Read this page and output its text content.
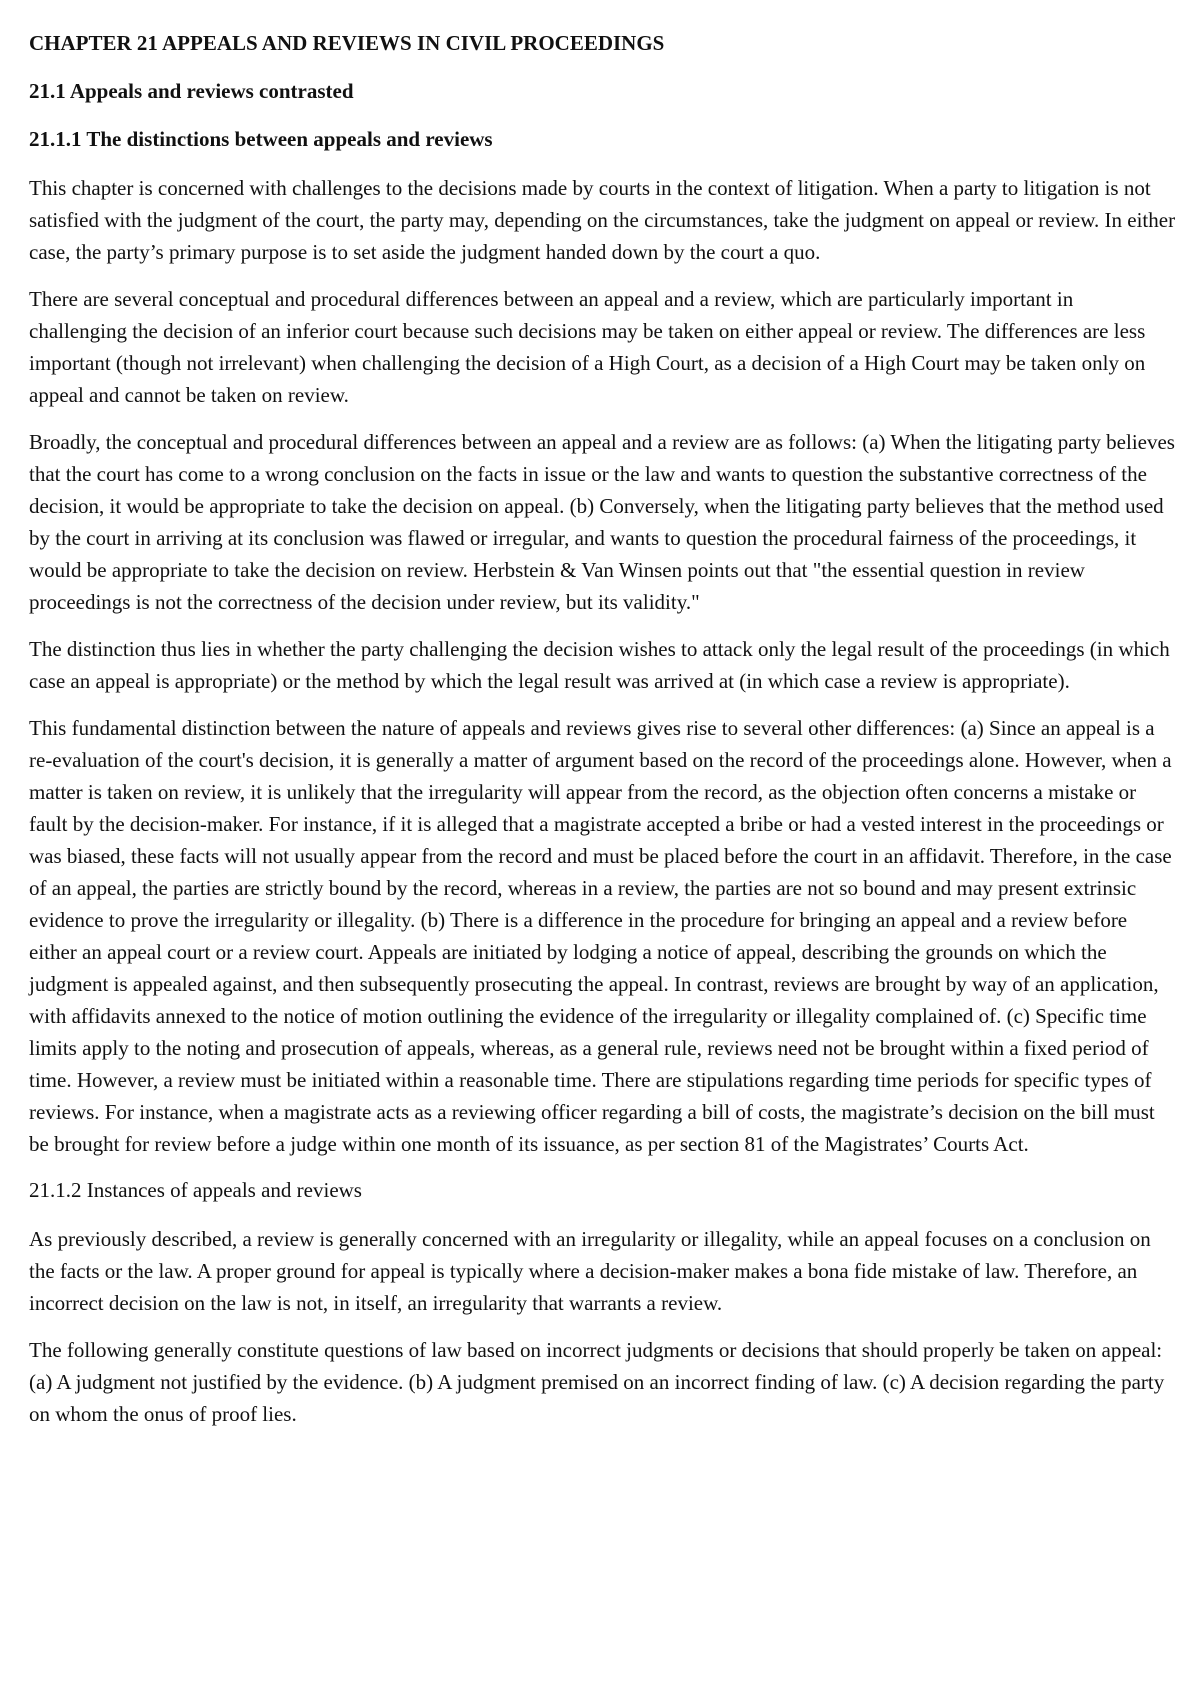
CHAPTER 21 APPEALS AND REVIEWS IN CIVIL PROCEEDINGS
21.1 Appeals and reviews contrasted
21.1.1 The distinctions between appeals and reviews

This chapter is concerned with challenges to the decisions made by courts in the context of litigation. When a party to litigation is not satisfied with the judgment of the court, the party may, depending on the circumstances, take the judgment on appeal or review. In either case, the party’s primary purpose is to set aside the judgment handed down by the court a quo.

There are several conceptual and procedural differences between an appeal and a review, which are particularly important in challenging the decision of an inferior court because such decisions may be taken on either appeal or review. The differences are less important (though not irrelevant) when challenging the decision of a High Court, as a decision of a High Court may be taken only on appeal and cannot be taken on review.

Broadly, the conceptual and procedural differences between an appeal and a review are as follows: (a) When the litigating party believes that the court has come to a wrong conclusion on the facts in issue or the law and wants to question the substantive correctness of the decision, it would be appropriate to take the decision on appeal. (b) Conversely, when the litigating party believes that the method used by the court in arriving at its conclusion was flawed or irregular, and wants to question the procedural fairness of the proceedings, it would be appropriate to take the decision on review. Herbstein & Van Winsen points out that "the essential question in review proceedings is not the correctness of the decision under review, but its validity."

The distinction thus lies in whether the party challenging the decision wishes to attack only the legal result of the proceedings (in which case an appeal is appropriate) or the method by which the legal result was arrived at (in which case a review is appropriate).

This fundamental distinction between the nature of appeals and reviews gives rise to several other differences: (a) Since an appeal is a re-evaluation of the court's decision, it is generally a matter of argument based on the record of the proceedings alone. However, when a matter is taken on review, it is unlikely that the irregularity will appear from the record, as the objection often concerns a mistake or fault by the decision-maker. For instance, if it is alleged that a magistrate accepted a bribe or had a vested interest in the proceedings or was biased, these facts will not usually appear from the record and must be placed before the court in an affidavit. Therefore, in the case of an appeal, the parties are strictly bound by the record, whereas in a review, the parties are not so bound and may present extrinsic evidence to prove the irregularity or illegality. (b) There is a difference in the procedure for bringing an appeal and a review before either an appeal court or a review court. Appeals are initiated by lodging a notice of appeal, describing the grounds on which the judgment is appealed against, and then subsequently prosecuting the appeal. In contrast, reviews are brought by way of an application, with affidavits annexed to the notice of motion outlining the evidence of the irregularity or illegality complained of. (c) Specific time limits apply to the noting and prosecution of appeals, whereas, as a general rule, reviews need not be brought within a fixed period of time. However, a review must be initiated within a reasonable time. There are stipulations regarding time periods for specific types of reviews. For instance, when a magistrate acts as a reviewing officer regarding a bill of costs, the magistrate’s decision on the bill must be brought for review before a judge within one month of its issuance, as per section 81 of the Magistrates’ Courts Act.

21.1.2 Instances of appeals and reviews

As previously described, a review is generally concerned with an irregularity or illegality, while an appeal focuses on a conclusion on the facts or the law. A proper ground for appeal is typically where a decision-maker makes a bona fide mistake of law. Therefore, an incorrect decision on the law is not, in itself, an irregularity that warrants a review.

The following generally constitute questions of law based on incorrect judgments or decisions that should properly be taken on appeal: (a) A judgment not justified by the evidence. (b) A judgment premised on an incorrect finding of law. (c) A decision regarding the party on whom the onus of proof lies.
